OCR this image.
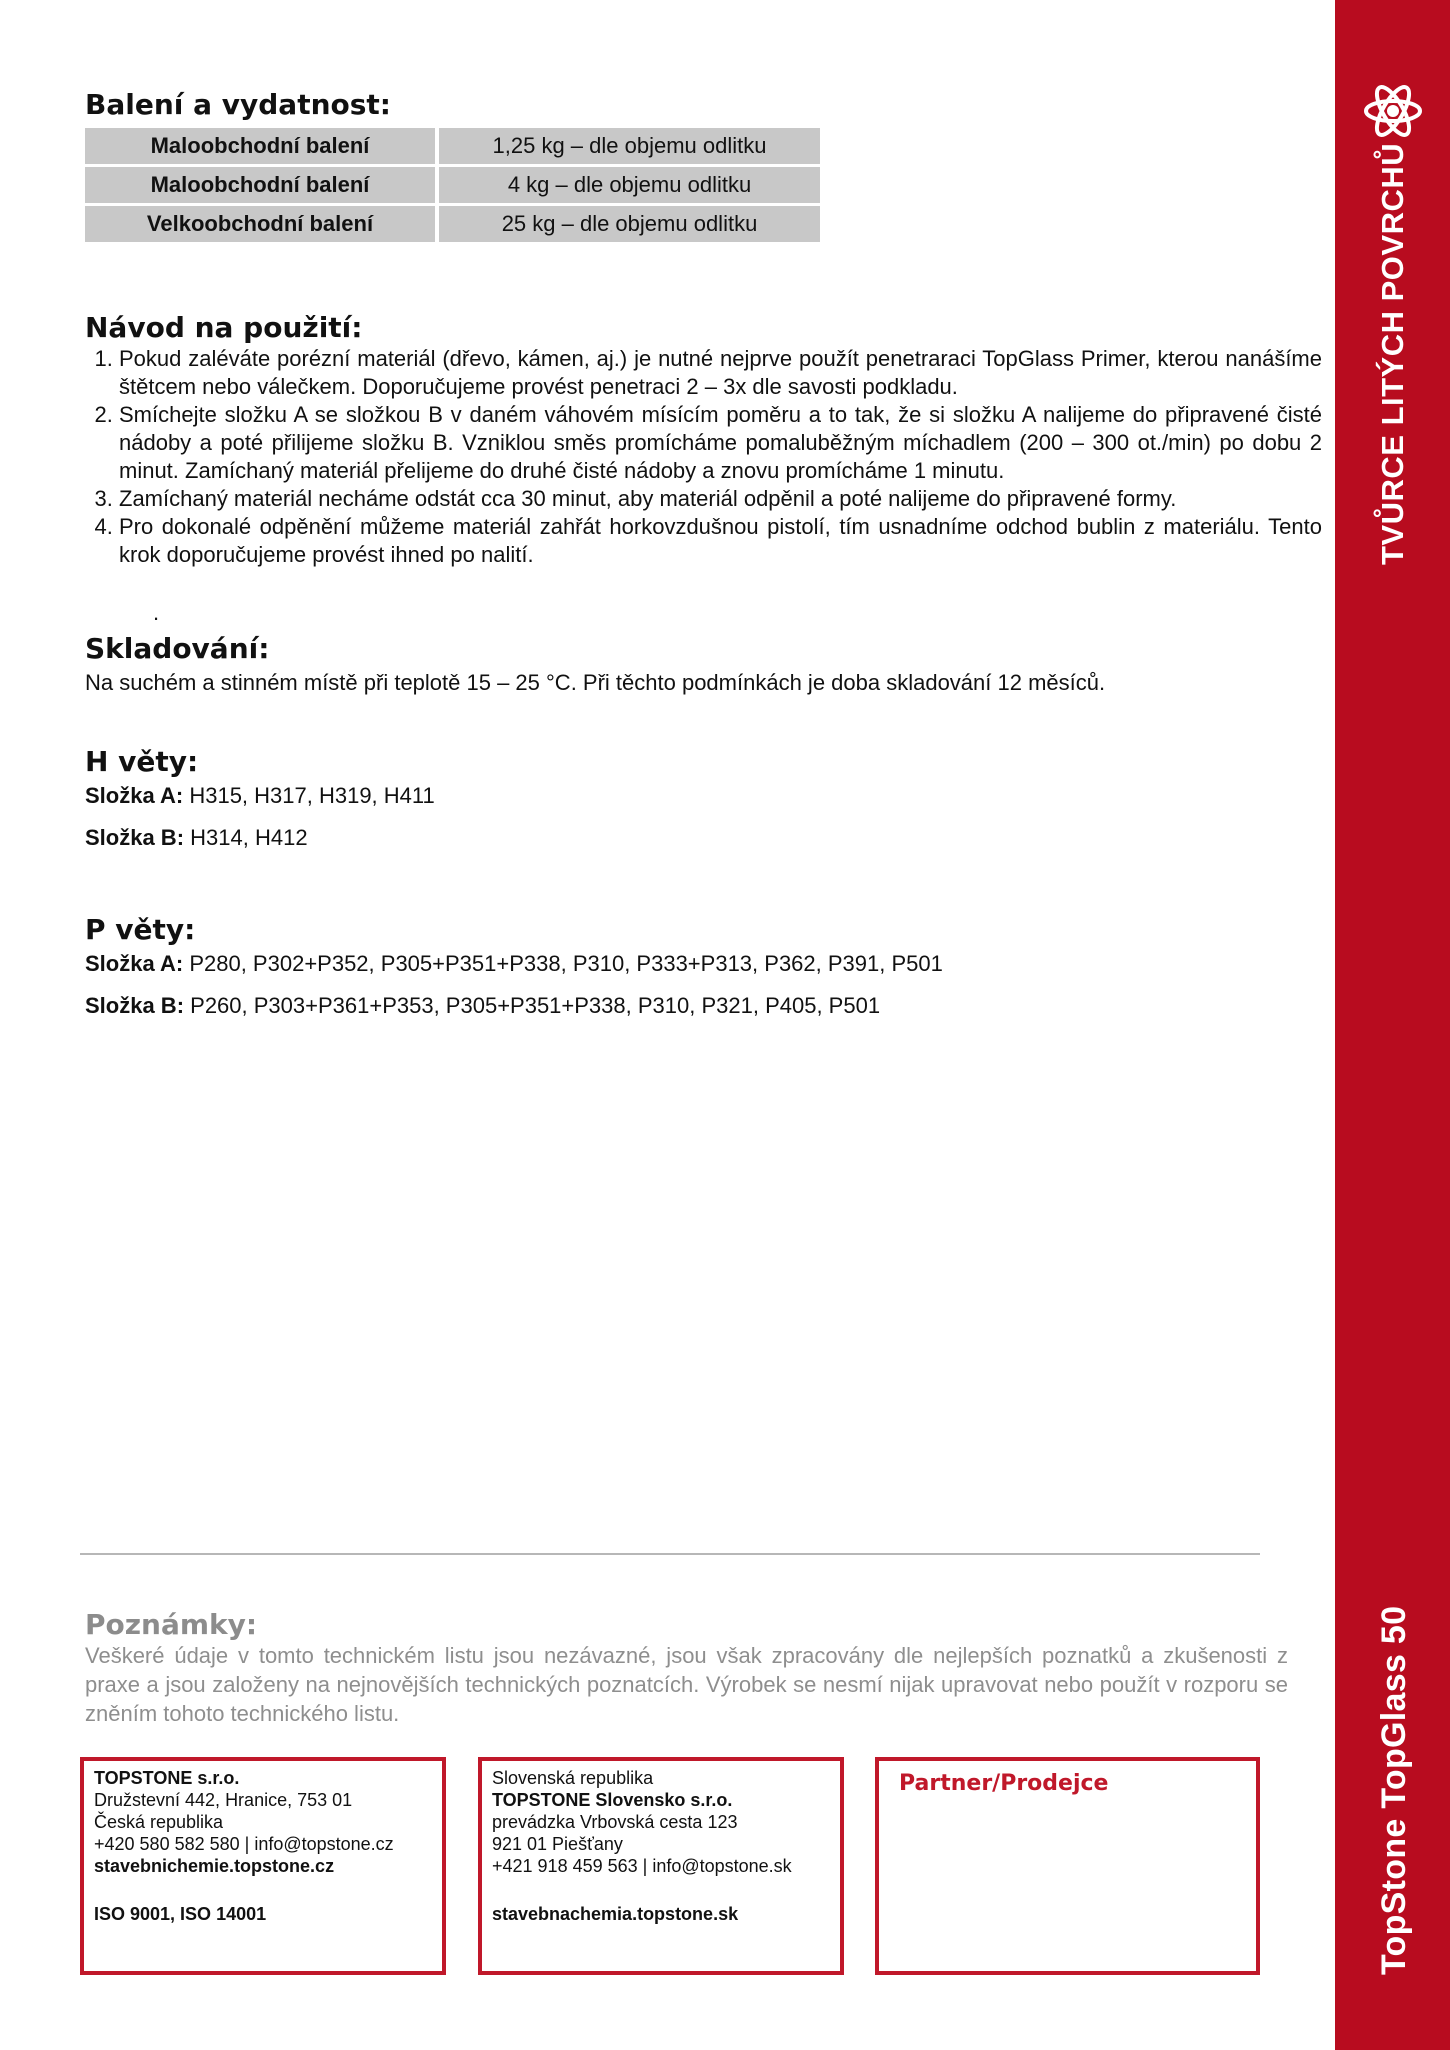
TVŮRCE LITÝCH POVRCHŮ
TopStone TopGlass 50
Balení a vydatnost:
Maloobchodní balení	1,25 kg – dle objemu odlitku
Maloobchodní balení	4 kg – dle objemu odlitku
Velkoobchodní balení	25 kg – dle objemu odlitku
Návod na použití:
1. Pokud zaléváte porézní materiál (dřevo, kámen, aj.) je nutné nejprve použít penetraraci TopGlass Primer, kterou nanášíme štětcem nebo válečkem. Doporučujeme provést penetraci 2 – 3x dle savosti podkladu.
2. Smíchejte složku A se složkou B v daném váhovém mísícím poměru a to tak, že si složku A nalijeme do připravené čisté nádoby a poté přilijeme složku B. Vzniklou směs promícháme pomaluběžným míchadlem (200 – 300 ot./min) po dobu 2 minut. Zamíchaný materiál přelijeme do druhé čisté nádoby a znovu promícháme 1 minutu.
3. Zamíchaný materiál necháme odstát cca 30 minut, aby materiál odpěnil a poté nalijeme do připravené formy.
4. Pro dokonalé odpěnění můžeme materiál zahřát horkovzdušnou pistolí, tím usnadníme odchod bublin z materiálu. Tento krok doporučujeme provést ihned po nalití.
.
Skladování:
Na suchém a stinném místě při teplotě 15 – 25 °C. Při těchto podmínkách je doba skladování 12 měsíců.
H věty:
Složka A: H315, H317, H319, H411
Složka B: H314, H412
P věty:
Složka A: P280, P302+P352, P305+P351+P338, P310, P333+P313, P362, P391, P501
Složka B: P260, P303+P361+P353, P305+P351+P338, P310, P321, P405, P501
Poznámky:
Veškeré údaje v tomto technickém listu jsou nezávazné, jsou však zpracovány dle nejlepších poznatků a zkušenosti z praxe a jsou založeny na nejnovějších technických poznatcích. Výrobek se nesmí nijak upravovat nebo použít v rozporu se zněním tohoto technického listu.
TOPSTONE s.r.o.
Družstevní 442, Hranice, 753 01
Česká republika
+420 580 582 580 | info@topstone.cz
stavebnichemie.topstone.cz
ISO 9001, ISO 14001
Slovenská republika
TOPSTONE Slovensko s.r.o.
prevádzka Vrbovská cesta 123
921 01 Piešťany
+421 918 459 563 | info@topstone.sk
stavebnachemia.topstone.sk
Partner/Prodejce
